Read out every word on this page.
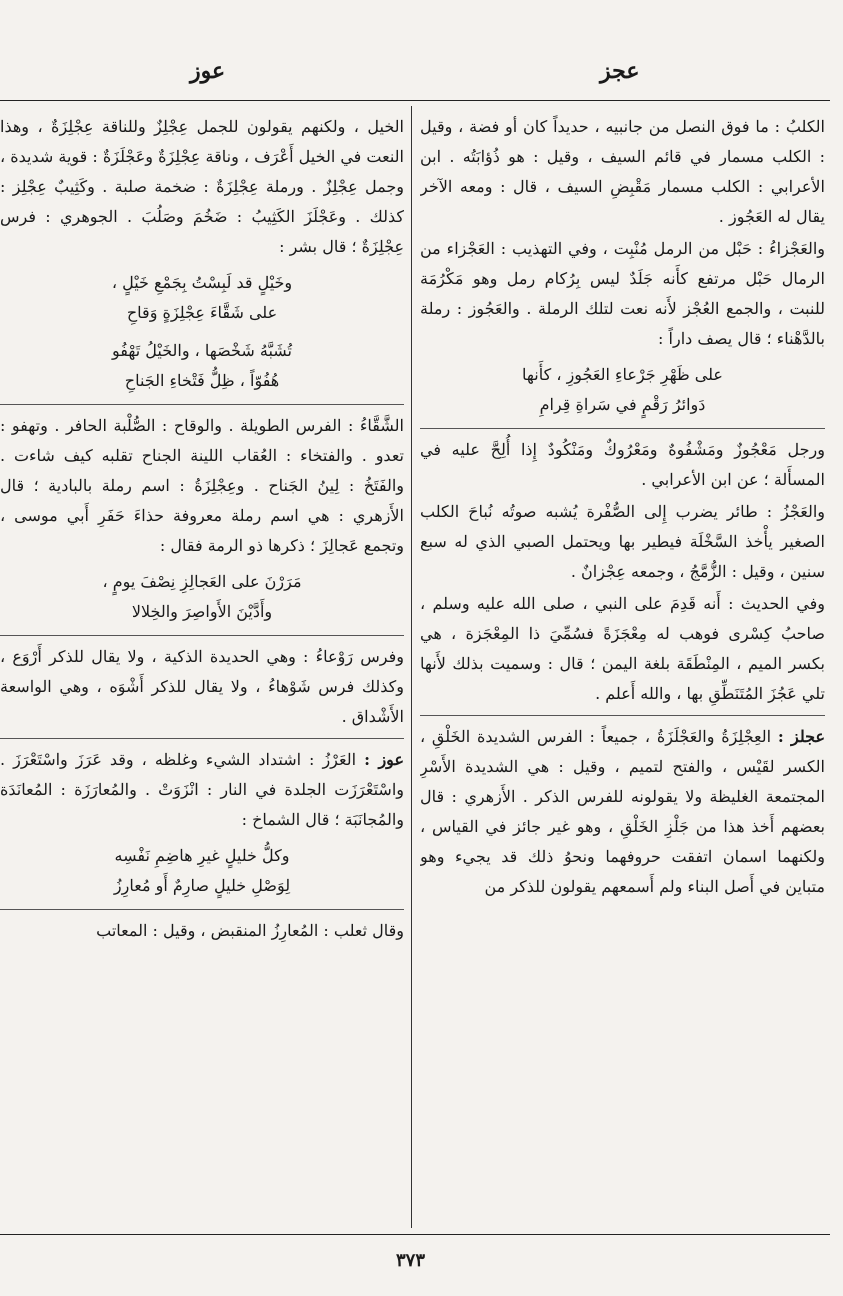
عجز
عوز

الكلبُ : ما فوق النصل من جانبيه ، حديداً كان أو فضة ، وقيل : الكلب مسمار في قائم السيف ، وقيل : هو ذُؤابَتُه . ابن الأعرابي : الكلب مسمار مَقْبِضِ السيف ، قال : ومعه الآخر يقال له العَجُوز .

والعَجْزاءُ : حَبْل من الرمل مُنْبِت ، وفي التهذيب : العَجْزاء من الرمال حَبْل مرتفع كأَنه جَلَدٌ ليس بِرُكام رمل وهو مَكْرُمَة للنبت ، والجمع العُجْز لأَنه نعت لتلك الرملة . والعَجُوز : رملة بالدَّهْناء ؛ قال يصف داراً :

على ظَهْرِ جَرْعاءِ العَجُوزِ ، كأَنها
دَوائرُ رَقْمٍ في سَراةِ قِرامِ

ورجل مَعْجُوزٌ ومَشْفُوهٌ ومَعْرُوكٌ ومَنْكُودٌ إِذا أُلِحَّ عليه في المسأَلة ؛ عن ابن الأعرابي .

والعَجْزُ : طائر يضرب إِلى الصُّفْرة يُشبه صوتُه نُباحَ الكلب الصغير يأْخذ السَّخْلَة فيطير بها ويحتمل الصبي الذي له سبع سنين ، وقيل : الزُّمَّجُ ، وجمعه عِجْزانٌ .

وفي الحديث : أَنه قَدِمَ على النبي ، صلى الله عليه وسلم ، صاحبُ كِسْرى فوهب له مِعْجَزَةً فسُمِّيَ ذا المِعْجَزة ، هي بكسر الميم ، المِنْطَقَة بلغة اليمن ؛ قال : وسميت بذلك لأَنها تلي عَجُزَ المُتَنَطِّقِ بها ، والله أَعلم .

عجلز : العِجْلِزَةُ والعَجْلَزَةُ ، جميعاً : الفرس الشديدة الخَلْقِ ، الكسر لقَيْس ، والفتح لتميم ، وقيل : هي الشديدة الأَسْرِ المجتمعة الغليظة ولا يقولونه للفرس الذكر . الأَزهري : قال بعضهم أَخذ هذا من جَلْزِ الخَلْقِ ، وهو غير جائز في القياس ، ولكنهما اسمان اتفقت حروفهما ونحوُ ذلك قد يجيء وهو متباين في أَصل البناء ولم أَسمعهم يقولون للذكر من

الخيل ، ولكنهم يقولون للجمل عِجْلِزٌ وللناقة عِجْلِزَةٌ ، وهذا النعت في الخيل أَعْرَف ، وناقة عِجْلِزَةٌ وعَجْلَزَةٌ : قوية شديدة ، وجمل عِجْلِزٌ . ورملة عِجْلِزَةٌ : ضخمة صلبة . وكَثِيبٌ عِجْلِز : كذلك . وعَجْلَزَ الكَثِيبُ : ضَخُمَ وصَلُبَ . الجوهري : فرس عِجْلِزَةٌ ؛ قال بشر :

وخَيْلٍ قد لَبِسْتُ بِجَمْعِ خَيْلٍ ،
على شَقَّاءَ عِجْلِزَةٍ وَقاحِ
تُشَبَّهُ شَخْصَها ، والخَيْلُ تَهْفُو
هُفُوّاً ، ظِلُّ فَتْخاءِ الجَناحِ

الشَّقَّاءُ : الفرس الطويلة . والوقاح : الصُّلْبة الحافر . وتهفو : تعدو . والفتخاء : العُقاب اللينة الجناح تقلبه كيف شاءت . والفَتَخُ : لِينُ الجَناح . وعِجْلِزَةُ : اسم رملة بالبادية ؛ قال الأَزهري : هي اسم رملة معروفة حذاءَ حَفَرِ أَبي موسى ، وتجمع عَجالِزَ ؛ ذكرها ذو الرمة فقال :

مَرَرْنَ على العَجالِزِ نِصْفَ يومٍ ،
وأَدَّيْنَ الأَواصِرَ والخِلالا

وفرس رَوْعاءُ : وهي الحديدة الذكية ، ولا يقال للذكر أَرْوَع ، وكذلك فرس شَوْهاءُ ، ولا يقال للذكر أَشْوَه ، وهي الواسعة الأَشْداق .

عوز : العَرْزُ : اشتداد الشيء وغلظه ، وقد عَرَزَ واسْتَعْرَزَ . واسْتَعْرَزَت الجلدة في النار : انْزَوَتْ . والمُعارَزَة : المُعانَدَة والمُجانَبَة ؛ قال الشماخ :

وكلُّ خليلٍ غيرِ هاضِمِ نَفْسِه
لِوَصْلِ خليلٍ صارِمٌ أَو مُعارِزُ

وقال ثعلب : المُعارِزُ المنقبض ، وقيل : المعاتب

٣٧٣
